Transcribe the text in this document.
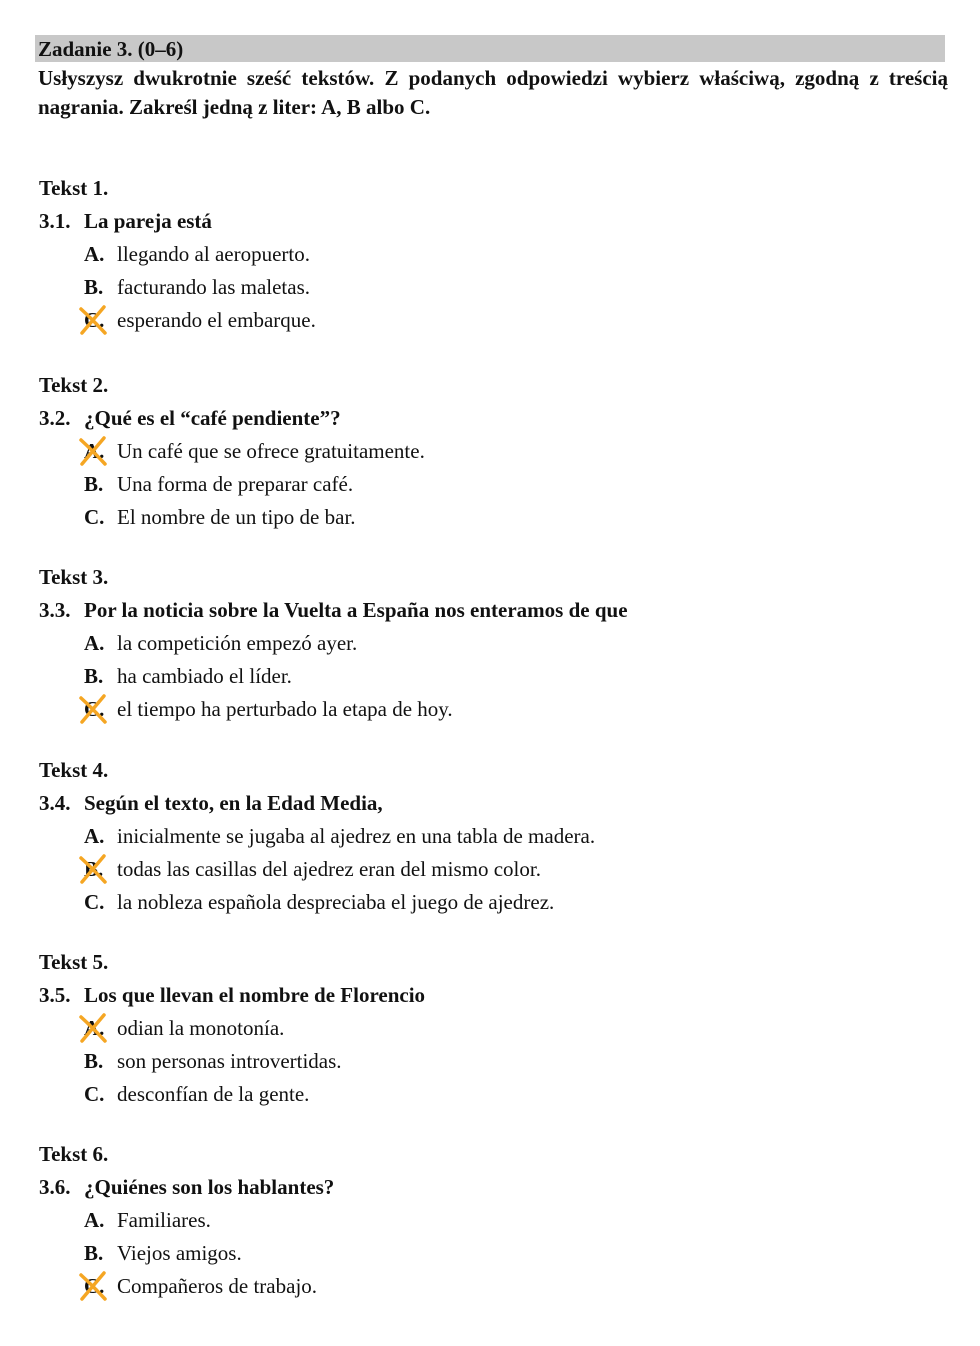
Zadanie 3. (0–6)
Usłyszysz dwukrotnie sześć tekstów. Z podanych odpowiedzi wybierz właściwą, zgodną z treścią nagrania. Zakreśl jedną z liter: A, B albo C.
Tekst 1.
3.1. La pareja está
A. llegando al aeropuerto.
B. facturando las maletas.
C. esperando el embarque.
Tekst 2.
3.2. ¿Qué es el “café pendiente”?
A. Un café que se ofrece gratuitamente.
B. Una forma de preparar café.
C. El nombre de un tipo de bar.
Tekst 3.
3.3. Por la noticia sobre la Vuelta a España nos enteramos de que
A. la competición empezó ayer.
B. ha cambiado el líder.
C. el tiempo ha perturbado la etapa de hoy.
Tekst 4.
3.4. Según el texto, en la Edad Media,
A. inicialmente se jugaba al ajedrez en una tabla de madera.
B. todas las casillas del ajedrez eran del mismo color.
C. la nobleza española despreciaba el juego de ajedrez.
Tekst 5.
3.5. Los que llevan el nombre de Florencio
A. odian la monotonía.
B. son personas introvertidas.
C. desconfían de la gente.
Tekst 6.
3.6. ¿Quiénes son los hablantes?
A. Familiares.
B. Viejos amigos.
C. Compañeros de trabajo.
